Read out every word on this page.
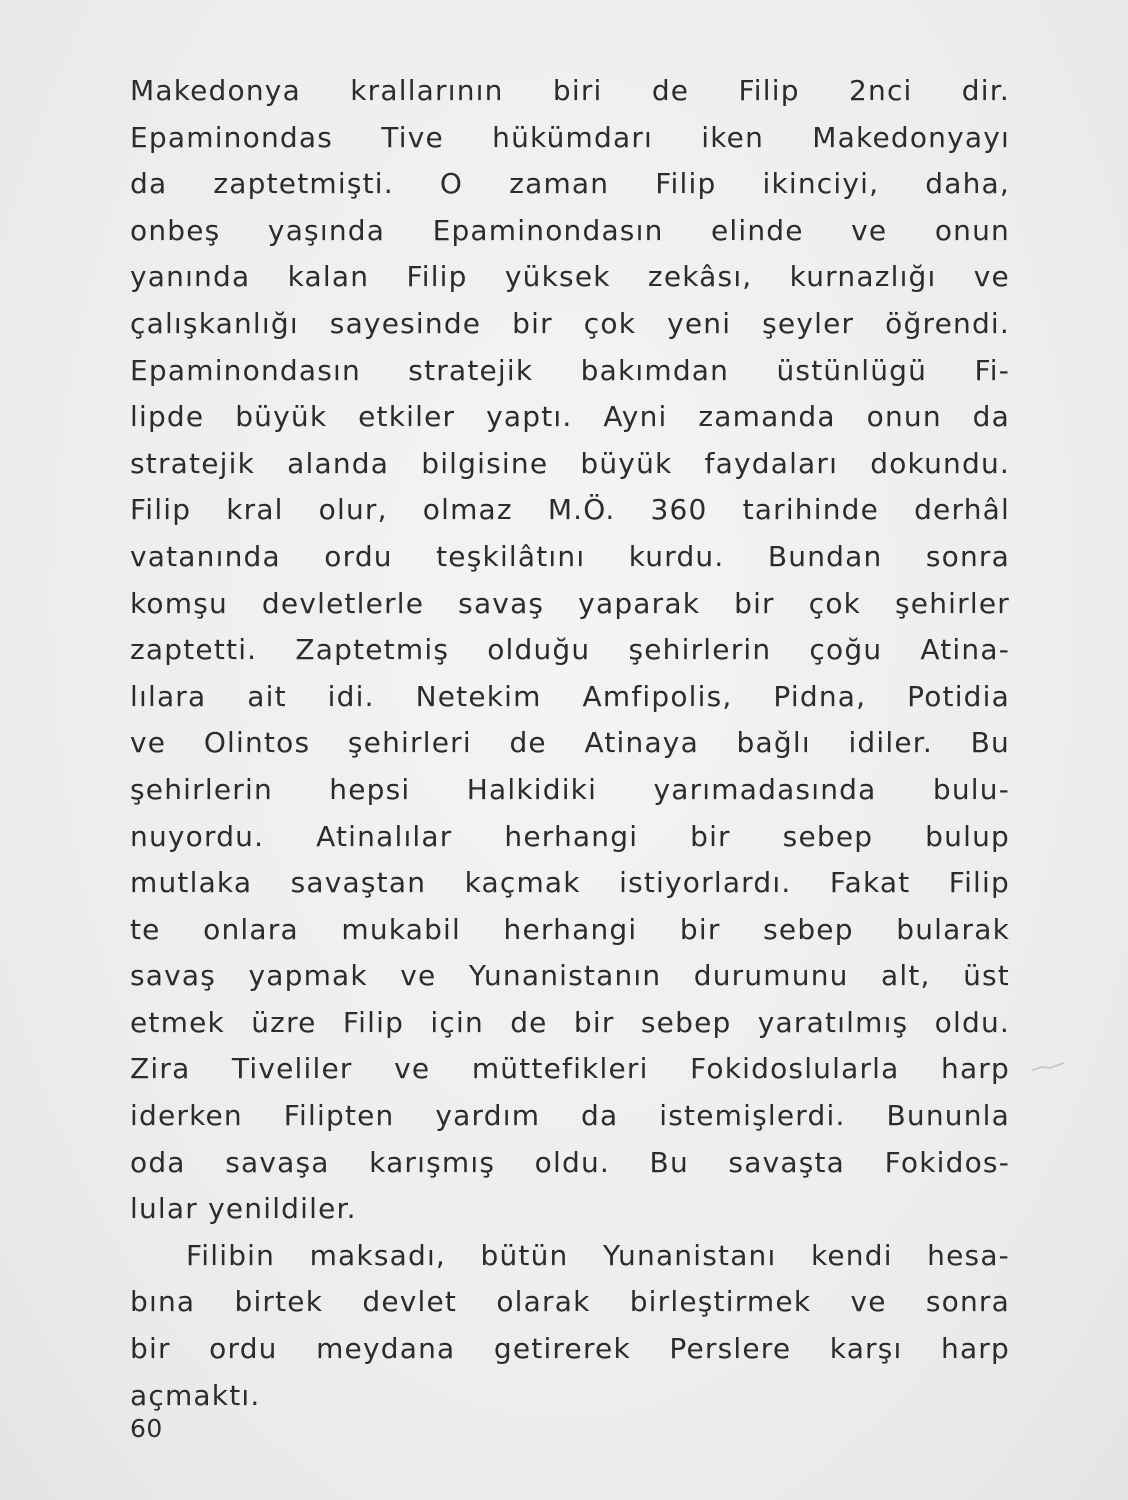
Makedonya krallarının biri de Filip 2nci dir.
Epaminondas Tive hükümdarı iken Makedonyayı
da zaptetmişti. O zaman Filip ikinciyi, daha,
onbeş yaşında Epaminondasın elinde ve onun
yanında kalan Filip yüksek zekâsı, kurnazlığı ve
çalışkanlığı sayesinde bir çok yeni şeyler öğrendi.
Epaminondasın stratejik bakımdan üstünlügü Fi-
lipde büyük etkiler yaptı. Ayni zamanda onun da
stratejik alanda bilgisine büyük faydaları dokundu.
Filip kral olur, olmaz M.Ö. 360 tarihinde derhâl
vatanında ordu teşkilâtını kurdu. Bundan sonra
komşu devletlerle savaş yaparak bir çok şehirler
zaptetti. Zaptetmiş olduğu şehirlerin çoğu Atina-
lılara ait idi. Netekim Amfipolis, Pidna, Potidia
ve Olintos şehirleri de Atinaya bağlı idiler. Bu
şehirlerin hepsi Halkidiki yarımadasında bulu-
nuyordu. Atinalılar herhangi bir sebep bulup
mutlaka savaştan kaçmak istiyorlardı. Fakat Filip
te onlara mukabil herhangi bir sebep bularak
savaş yapmak ve Yunanistanın durumunu alt, üst
etmek üzre Filip için de bir sebep yaratılmış oldu.
Zira Tiveliler ve müttefikleri Fokidoslularla harp
iderken Filipten yardım da istemişlerdi. Bununla
oda savaşa karışmış oldu. Bu savaşta Fokidos-
lular yenildiler.
Filibin maksadı, bütün Yunanistanı kendi hesa-
bına birtek devlet olarak birleştirmek ve sonra
bir ordu meydana getirerek Perslere karşı harp
açmaktı.
60
